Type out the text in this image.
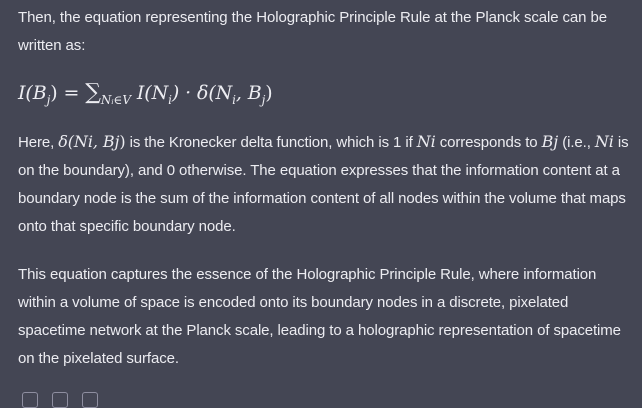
Then, the equation representing the Holographic Principle Rule at the Planck scale can be written as:

$I(B_j) = \sum_{Nᵢ\in V}$ $I(N_i) \cdot \delta(N_i$, $B_j$)

Here, δ(Ni, Bj) is the Kronecker delta function, which is 1 if Ni corresponds to Bj (i.e., Ni is on the boundary), and 0 otherwise. The equation expresses that the information content at a boundary node is the sum of the information content of all nodes within the volume that maps onto that specific boundary node.

This equation captures the essence of the Holographic Principle Rule, where information within a volume of space is encoded onto its boundary nodes in a discrete, pixelated spacetime network at the Planck scale, leading to a holographic representation of spacetime on the pixelated surface.
